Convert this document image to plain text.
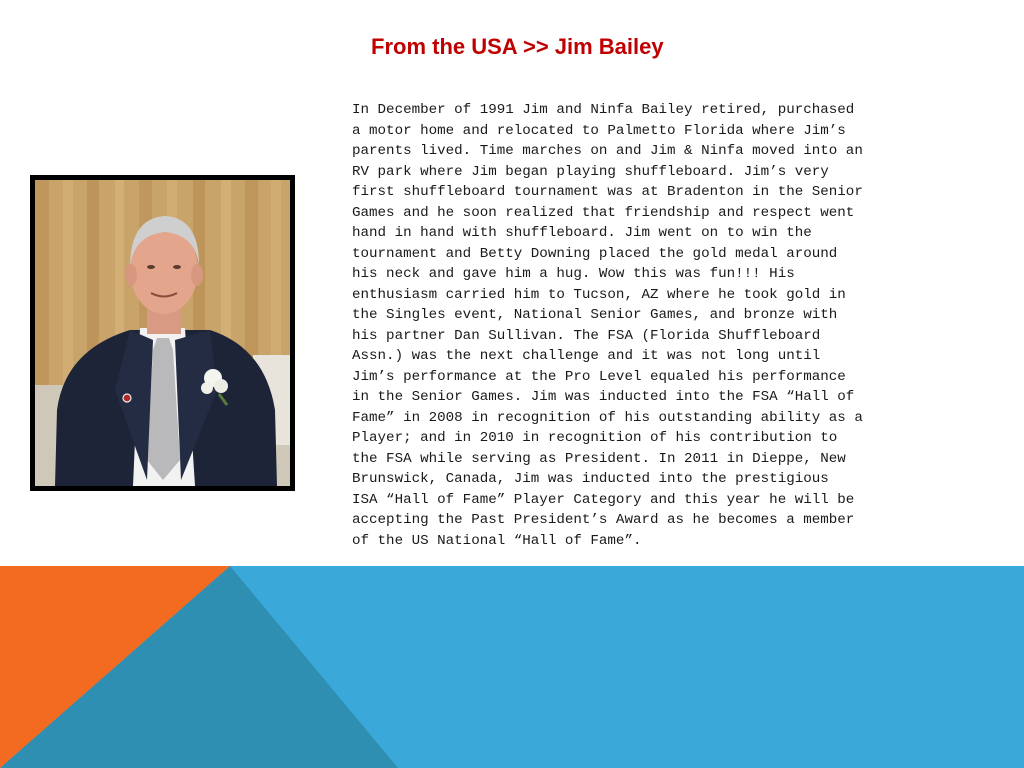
From the USA >> Jim Bailey
In December of 1991 Jim and Ninfa Bailey retired, purchased
a motor home and relocated to Palmetto Florida where Jim’s
parents lived. Time marches on and Jim & Ninfa moved into an
RV park where Jim began playing shuffleboard. Jim’s very
first shuffleboard tournament was at Bradenton in the Senior
Games and he soon realized that friendship and respect went
hand in hand with shuffleboard. Jim went on to win the
tournament and Betty Downing placed the gold medal around
his neck and gave him a hug. Wow this was fun!!! His
enthusiasm carried him to Tucson, AZ where he took gold in
the Singles event, National Senior Games, and bronze with
his partner Dan Sullivan. The FSA (Florida Shuffleboard
Assn.) was the next challenge and it was not long until
Jim’s performance at the Pro Level equaled his performance
in the Senior Games. Jim was inducted into the FSA “Hall of
Fame” in 2008 in recognition of his outstanding ability as a
Player; and in 2010 in recognition of his contribution to
the FSA while serving as President. In 2011 in Dieppe, New
Brunswick, Canada, Jim was inducted into the prestigious
ISA “Hall of Fame” Player Category and this year he will be
accepting the Past President’s Award as he becomes a member
of the US National “Hall of Fame”.
